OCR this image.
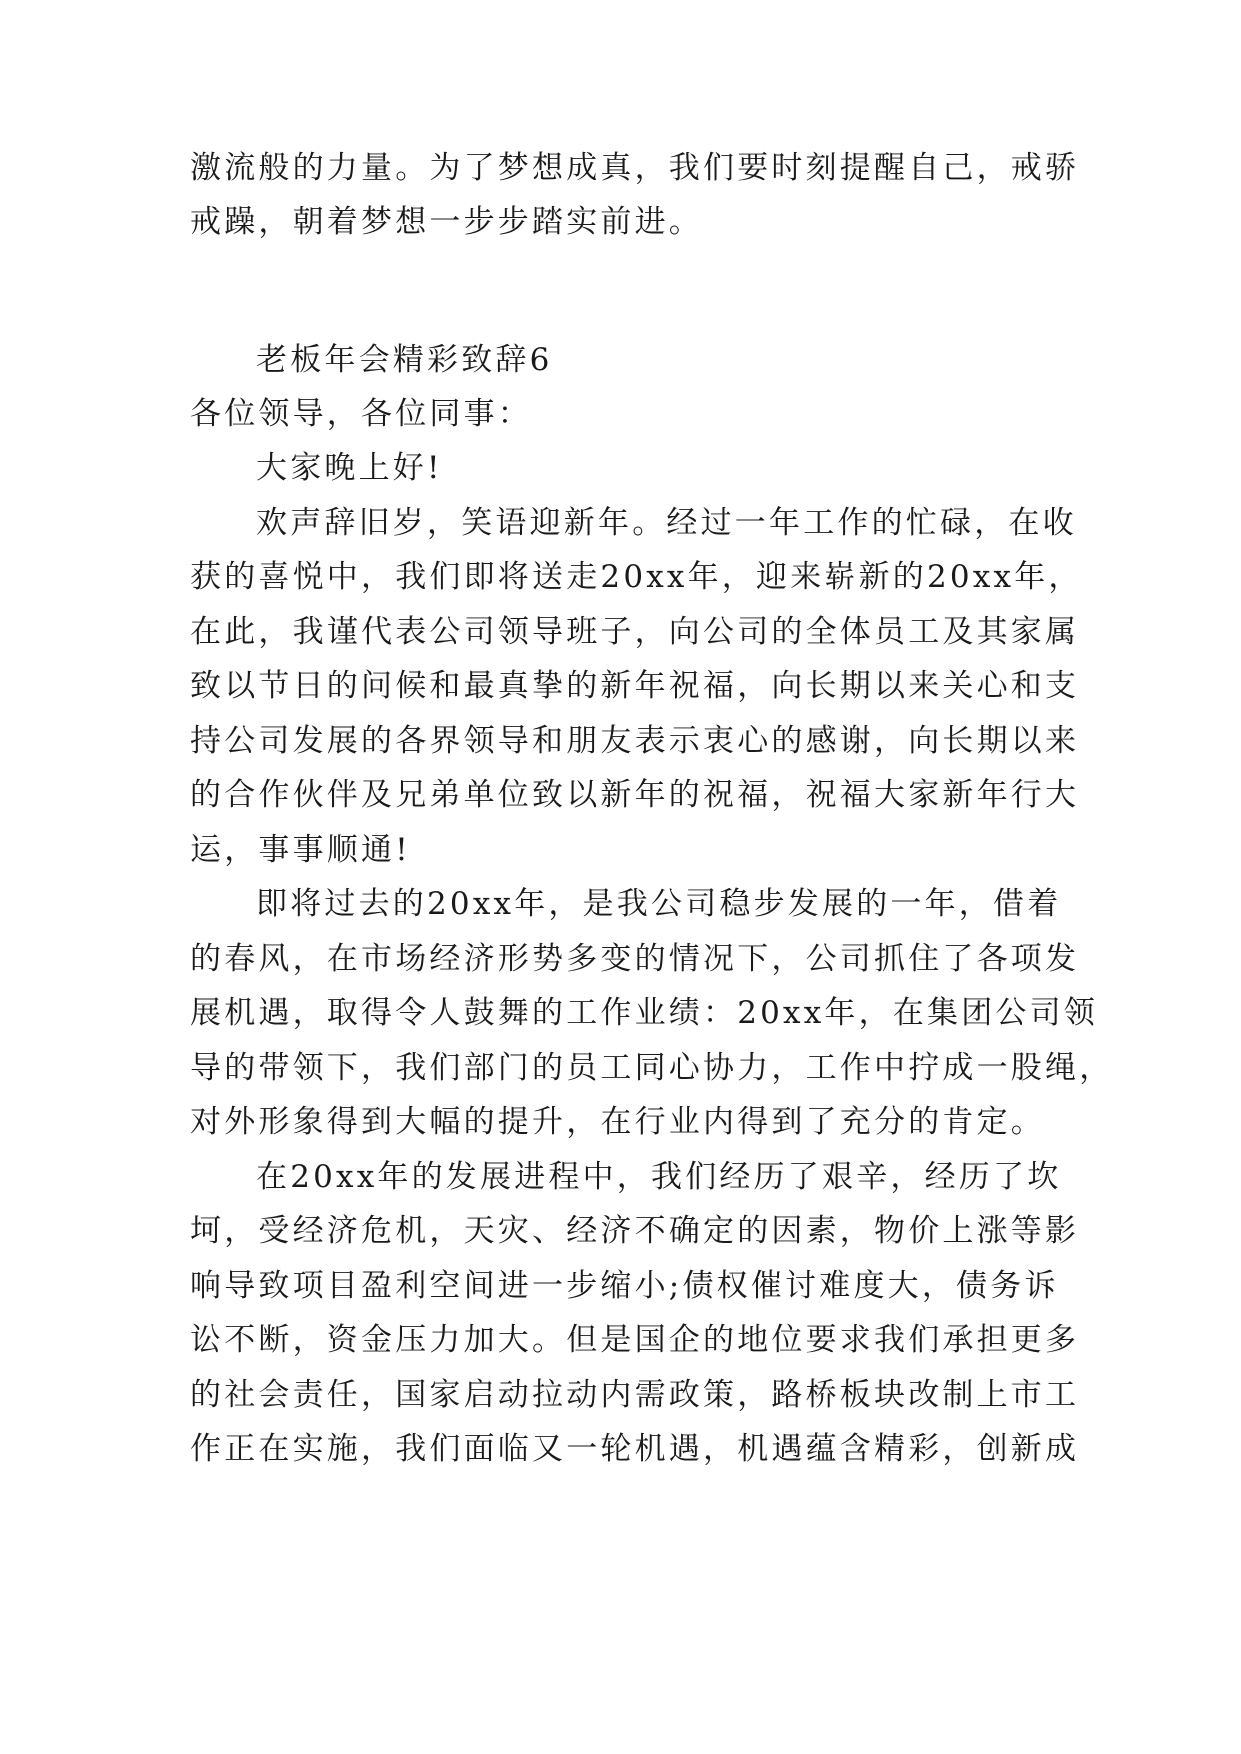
激流般的力量。为了梦想成真，我们要时刻提醒自己，戒骄
戒躁，朝着梦想一步步踏实前进。
老板年会精彩致辞6
各位领导，各位同事：
大家晚上好!
欢声辞旧岁，笑语迎新年。经过一年工作的忙碌，在收
获的喜悦中，我们即将送走20xx年，迎来崭新的20xx年，
在此，我谨代表公司领导班子，向公司的全体员工及其家属
致以节日的问候和最真挚的新年祝福，向长期以来关心和支
持公司发展的各界领导和朋友表示衷心的感谢，向长期以来
的合作伙伴及兄弟单位致以新年的祝福，祝福大家新年行大
运，事事顺通!
即将过去的20xx年，是我公司稳步发展的一年，借着
的春风，在市场经济形势多变的情况下，公司抓住了各项发
展机遇，取得令人鼓舞的工作业绩：20xx年，在集团公司领
导的带领下，我们部门的员工同心协力，工作中拧成一股绳，
对外形象得到大幅的提升，在行业内得到了充分的肯定。
在20xx年的发展进程中，我们经历了艰辛，经历了坎
坷，受经济危机，天灾、经济不确定的因素，物价上涨等影
响导致项目盈利空间进一步缩小;债权催讨难度大，债务诉
讼不断，资金压力加大。但是国企的地位要求我们承担更多
的社会责任，国家启动拉动内需政策，路桥板块改制上市工
作正在实施，我们面临又一轮机遇，机遇蕴含精彩，创新成
